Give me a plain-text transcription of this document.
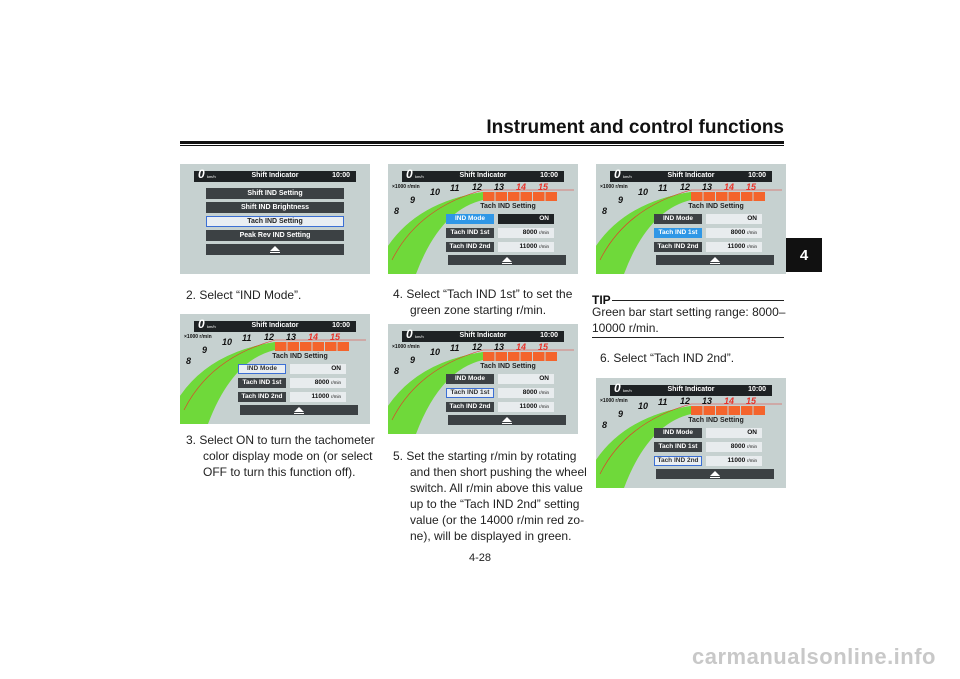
Instrument and control functions
4
0 km/h	Shift Indicator	10:00
Shift IND Setting
Shift IND Brightness
Tach IND Setting
Peak Rev IND Setting
8
9
10 11 12 13 14 15
0 km/h	Shift Indicator	10:00
×1000 r/min
Tach IND Setting
IND Mode	ON
Tach IND 1st	8000 r/min
Tach IND 2nd	11000 r/min
8
9
10 11 12 13 14 15
0 km/h	Shift Indicator	10:00
×1000 r/min
Tach IND Setting
IND Mode	ON
Tach IND 1st	8000 r/min
Tach IND 2nd	11000 r/min
8
9
10 11 12 13 14 15
0 km/h	Shift Indicator	10:00
×1000 r/min
Tach IND Setting
IND Mode	ON
Tach IND 1st	8000 r/min
Tach IND 2nd	11000 r/min
8
9
10 11 12 13 14 15
0 km/h	Shift Indicator	10:00
×1000 r/min
Tach IND Setting
IND Mode	ON
Tach IND 1st	8000 r/min
Tach IND 2nd	11000 r/min
8
9
10 11 12 13 14 15
0 km/h	Shift Indicator	10:00
×1000 r/min
Tach IND Setting
IND Mode	ON
Tach IND 1st	8000 r/min
Tach IND 2nd	11000 r/min
2. Select “IND Mode”.
3. Select ON to turn the tachometer
color display mode on (or select
OFF to turn this function off).
4. Select “Tach IND 1st” to set the
green zone starting r/min.
5. Set the starting r/min by rotating
and then short pushing the wheel
switch. All r/min above this value
up to the “Tach IND 2nd” setting
value (or the 14000 r/min red zo-
ne), will be displayed in green.
TIP
Green bar start setting range: 8000–
10000 r/min.
6. Select “Tach IND 2nd”.
4-28
carmanualsonline.info
